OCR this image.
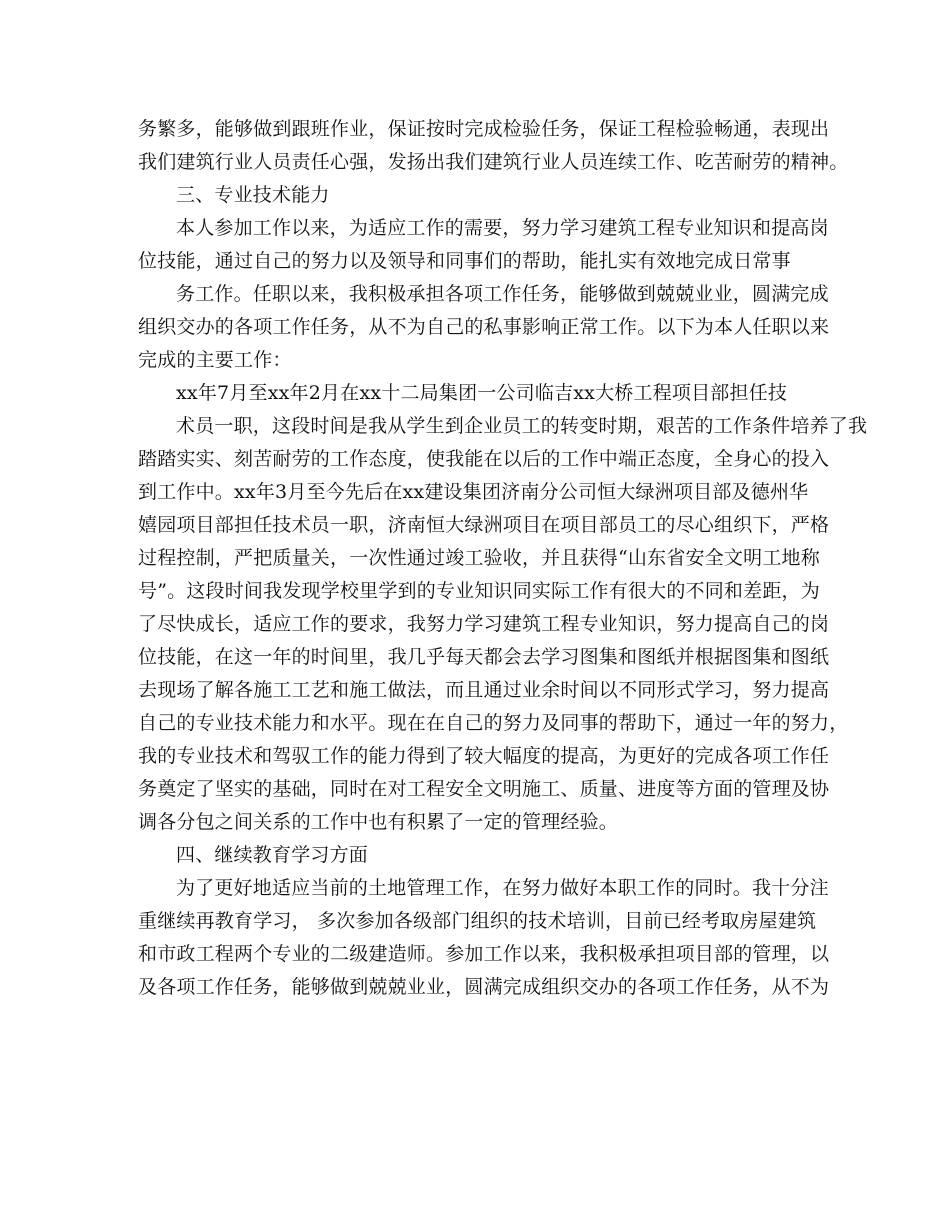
务繁多，能够做到跟班作业，保证按时完成检验任务，保证工程检验畅通，表现出
我们建筑行业人员责任心强，发扬出我们建筑行业人员连续工作、吃苦耐劳的精神。
三、专业技术能力
本人参加工作以来，为适应工作的需要，努力学习建筑工程专业知识和提高岗
位技能，通过自己的努力以及领导和同事们的帮助，能扎实有效地完成日常事
务工作。任职以来，我积极承担各项工作任务，能够做到兢兢业业，圆满完成
组织交办的各项工作任务，从不为自己的私事影响正常工作。以下为本人任职以来
完成的主要工作：
xx年7月至xx年2月在xx十二局集团一公司临吉xx大桥工程项目部担任技
术员一职，这段时间是我从学生到企业员工的转变时期，艰苦的工作条件培养了我
踏踏实实、刻苦耐劳的工作态度，使我能在以后的工作中端正态度，全身心的投入
到工作中。xx年3月至今先后在xx建设集团济南分公司恒大绿洲项目部及德州华
嬉园项目部担任技术员一职，济南恒大绿洲项目在项目部员工的尽心组织下，严格
过程控制，严把质量关，一次性通过竣工验收，并且获得“山东省安全文明工地称
号”。这段时间我发现学校里学到的专业知识同实际工作有很大的不同和差距，为
了尽快成长，适应工作的要求，我努力学习建筑工程专业知识，努力提高自己的岗
位技能，在这一年的时间里，我几乎每天都会去学习图集和图纸并根据图集和图纸
去现场了解各施工工艺和施工做法，而且通过业余时间以不同形式学习，努力提高
自己的专业技术能力和水平。现在在自己的努力及同事的帮助下，通过一年的努力，
我的专业技术和驾驭工作的能力得到了较大幅度的提高，为更好的完成各项工作任
务奠定了坚实的基础，同时在对工程安全文明施工、质量、进度等方面的管理及协
调各分包之间关系的工作中也有积累了一定的管理经验。
四、继续教育学习方面
为了更好地适应当前的土地管理工作，在努力做好本职工作的同时。我十分注
重继续再教育学习， 多次参加各级部门组织的技术培训，目前已经考取房屋建筑
和市政工程两个专业的二级建造师。参加工作以来，我积极承担项目部的管理，以
及各项工作任务，能够做到兢兢业业，圆满完成组织交办的各项工作任务，从不为
